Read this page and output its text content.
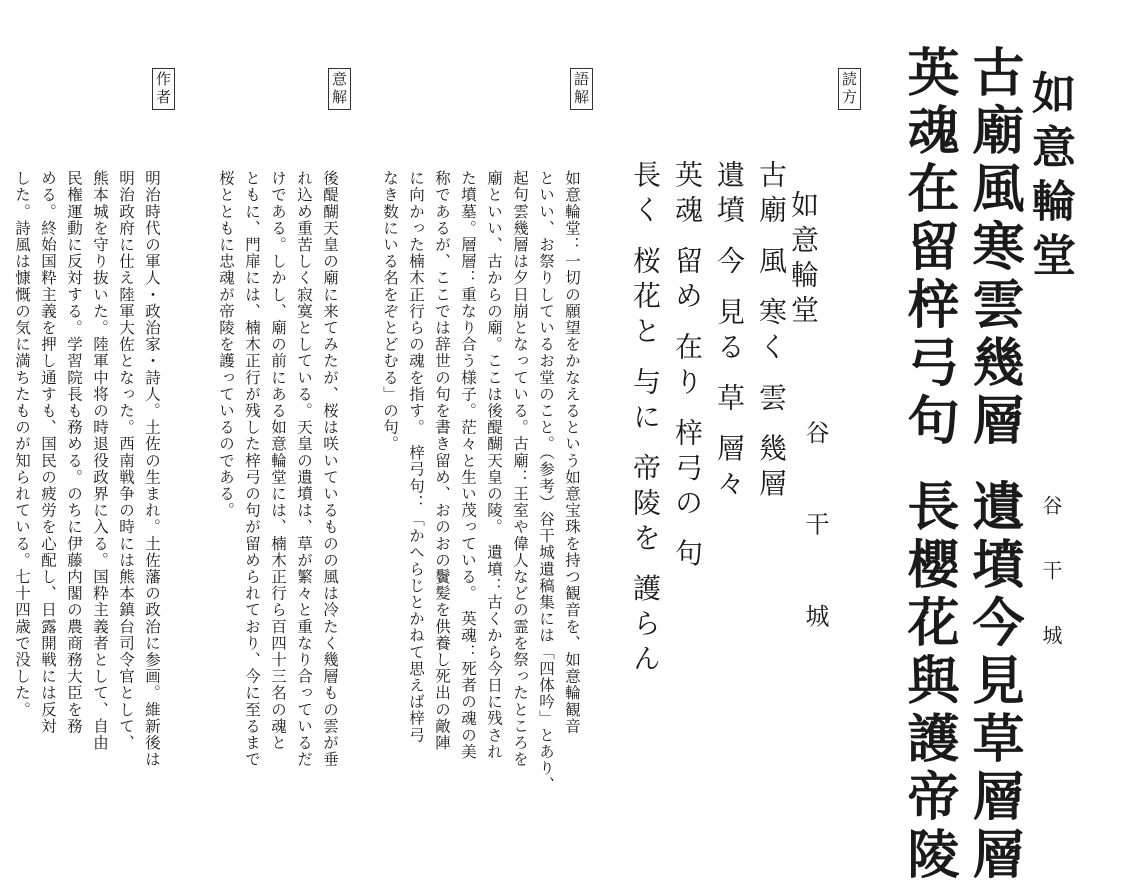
如意輪堂
谷干城
古廟風寒雲幾層遺墳今見草層層
英魂在留梓弓句長櫻花與護帝陵
読方
如意輪堂
谷 干 城
古廟 風 寒く 雲 幾層
遺墳 今 見る 草 層々
英魂 留め 在り 梓弓の 句
長く 桜花と 与に 帝陵を 護らん
語解
如意輪堂：一切の願望をかなえるという如意宝珠を持つ観音を、如意輪観音
といい、お祭りしているお堂のこと。（参考）谷干城遺稿集には「四体吟」とあり、
起句雲幾層は夕日崩となっている。古廟：王室や偉人などの霊を祭ったところを
廟といい、古からの廟。ここは後醍醐天皇の陵。　遺墳：古くから今日に残され
た墳墓。層層：重なり合う様子。茫々と生い茂っている。　英魂：死者の魂の美
称であるが、ここでは辞世の句を書き留め、おのおの鬢髪を供養し死出の敵陣
に向かった楠木正行らの魂を指す。　梓弓句：「かへらじとかねて思えば梓弓
なき数にいる名をぞとどむる」の句。
意解
後醍醐天皇の廟に来てみたが、桜は咲いているものの風は冷たく幾層もの雲が垂
れ込め重苦しく寂寞としている。天皇の遺墳は、草が繁々と重なり合っているだ
けである。しかし、廟の前にある如意輪堂には、楠木正行ら百四十三名の魂と
ともに、門扉には、楠木正行が残した梓弓の句が留められており、今に至るまで
桜とともに忠魂が帝陵を護っているのである。
作者
明治時代の軍人・政治家・詩人。土佐の生まれ。土佐藩の政治に参画。維新後は
明治政府に仕え陸軍大佐となった。西南戦争の時には熊本鎮台司令官として、
熊本城を守り抜いた。陸軍中将の時退役政界に入る。国粋主義者として、自由
民権運動に反対する。学習院長も務める。のちに伊藤内閣の農商務大臣を務
める。終始国粋主義を押し通すも、国民の疲労を心配し、日露開戦には反対
した。詩風は慷慨の気に満ちたものが知られている。七十四歳で没した。
